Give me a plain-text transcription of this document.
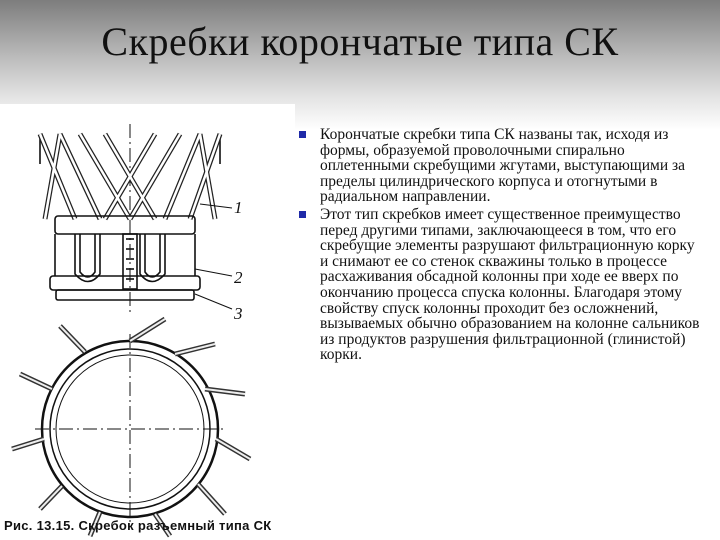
Скребки корончатые типа СК
1
2
3
Рис. 13.15. Скребок разъемный типа СК
Корончатые скребки типа СК названы так, исходя из формы, образуемой проволочными спирально оплетенными скребущими жгутами, выступающими за пределы цилиндрического корпуса и отогнутыми в радиальном направлении.
Этот тип скребков имеет существенное преимущество перед другими типами, заключающееся в том, что его скребущие элементы разрушают фильтрационную корку и снимают ее со стенок скважины только в процессе расхаживания обсадной колонны при ходе ее вверх по окончанию процесса спуска колонны. Благодаря этому свойству спуск колонны проходит без осложнений, вызываемых обычно образованием на колонне сальников из продуктов разрушения фильтрационной (глинистой) корки.
